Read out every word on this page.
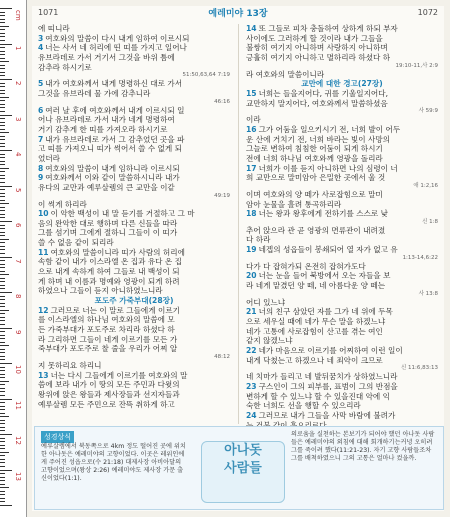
cm
1
2
3
4
5
6
7
8
9
10
11
12
13
1071	예레미야 13장	1072

에 띠니라

3 여호와의 말씀이 다시 내게 임하여 이르시되

4 너는 사서 네 허리에 띤 띠를 가지고 일어나

유브라데로 가서 거기서 그것을 바위 틈에

감추라 하시기로

51:50,63,64 7:19

5 내가 여호와께서 내게 명령하신 대로 가서

그것을 유브라데 물 가에 감추니라

46:16

6 여러 날 후에 여호와께서 내게 이르시되 일

어나 유브라데로 가서 내가 네게 명령하여

거기 감추게 한 띠를 가져오라 하시기로

7 내가 유브라데로 가서 그 감추었던 곳을 파

고 띠를 가져오니 띠가 썩어서 쓸 수 없게 되

었더라

8 여호와의 말씀이 내게 임하니라 이르시되

9 여호와께서 이와 같이 말씀하시니라 내가

유다의 교만과 예루살렘의 큰 교만을 이같

49:19

이 썩게 하리라

10 이 악한 백성이 내 말 듣기를 거절하고 그 마

음의 완악한 대로 행하며 다른 신들을 따라

그를 섬기며 그에게 절하니 그들이 이 띠가

쓸 수 없음 같이 되리라

11 여호와의 말씀이니라 띠가 사람의 허리에

속함 같이 내가 이스라엘 온 집과 유다 온 집

으로 내게 속하게 하여 그들로 내 백성이 되

게 하며 내 이름과 명예와 영광이 되게 하려

하였으나 그들이 듣지 아니하였느니라

포도주 가죽부대(28장)

12 그러므로 너는 이 말로 그들에게 이르기

를 이스라엘의 하나님 여호와의 말씀에 모

든 가죽부대가 포도주로 차리라 하셨다 하

라 그리하면 그들이 네게 이르기를 모든 가

죽부대가 포도주로 찰 줄을 우리가 어찌 알

48:12

지 못하리요 하리니

13 너는 다시 그들에게 이르기를 여호와의 말

씀에 보라 내가 이 땅의 모든 주민과 다윗의

왕위에 앉은 왕들과 제사장들과 선지자들과

예루살렘 모든 주민으로 잔뜩 취하게 하고

14 또 그들로 피차 충돌하여 상하게 하되 부자

사이에도 그러하게 할 것이라 내가 그들을

불쌍히 여기지 아니하며 사랑하지 아니하며

긍휼히 여기지 아니하고 멸하리라 하셨다 하

19:10-11,사 2:9

라 여호와의 말씀이니라

교만에 대한 경고(27장)

15 너희는 들을지어다, 귀를 기울일지어다,

교만하지 말지어다, 여호와께서 말씀하셨음

사 59:9

이라

16 그가 어둠을 일으키시기 전, 너희 발이 어두

운 산에 거치기 전, 너희 바라는 빛이 사망의

그늘로 변하여 침침한 어둠이 되게 하시기

전에 너희 하나님 여호와께 영광을 돌리라

17 너희가 이를 듣지 아니하면 나의 심령이 너

희 교만으로 말미암아 은밀한 곳에서 울 것

애 1:2,16

이며 여호와의 양 떼가 사로잡힘으로 말미

암아 눈물을 흘려 통곡하리라

18 너는 왕과 왕후에게 전하기를 스스로 낮

신 1:8

추어 앉으라 관 곧 영광의 면류관이 내려졌

다 하라

19 네겝의 성읍들이 봉쇄되어 열 자가 없고 유

1:13-14,6:22

다가 다 잡혀가되 온전히 잡혀가도다

20 너는 눈을 들어 북방에서 오는 자들을 보

라 네게 맡겼던 양 떼, 네 아름다운 양 떼는

사 13:8

어디 있느냐

21 너의 친구 삼았던 자를 그가 네 위에 두목

으로 세우실 때에 네가 무슨 말을 하겠느냐

네가 고통에 사로잡힘이 산고를 겪는 여인

같지 않겠느냐

22 네가 마음으로 이르기를 어찌하여 이런 일이

내게 닥쳤는고 하겠으나 네 죄악이 크므로

신 11:6,83:13

네 치마가 들리고 네 발뒤꿈치가 상하였느니라

23 구스인이 그의 피부를, 표범이 그의 반점을

변하게 할 수 있느냐 할 수 있을진대 악에 익

숙한 너희도 선을 행할 수 있으리라

24 그러므로 내가 그들을 사막 바람에 불려가

성경상식
예루살렘에서 북동쪽으로 4km 정도 떨어진 곳에 위치한 아나돗은 예레미야의 고향이었다. 이곳은 레위인에게 주어진 성읍으로(수 21:18) 대제사장 아비아달의 고향이었으며(왕상 2:26) 예레미야도 제사장 가문 출신이었다(1:1).
아나돗
사람들
의로움을 실천하는 본보기가 되어야 했던 아나돗 사람들은 예레미야의 외침에 대해 회개하기는커녕 오히려 그를 죽이려 했다(11:21-23). 자기 고향 사람들조차 그를 배척하였으니 그의 고통은 얼마나 컸을까.
